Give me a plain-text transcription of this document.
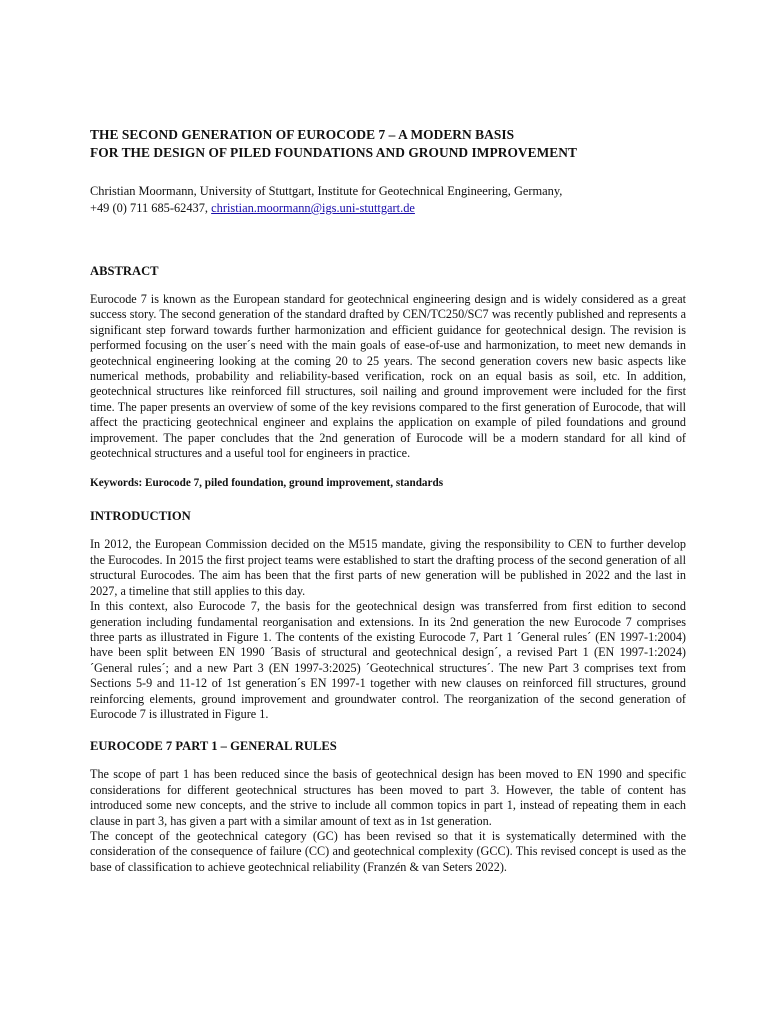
THE SECOND GENERATION OF EUROCODE 7 – A MODERN BASIS
FOR THE DESIGN OF PILED FOUNDATIONS AND GROUND IMPROVEMENT
Christian Moormann, University of Stuttgart, Institute for Geotechnical Engineering, Germany,
+49 (0) 711 685-62437, christian.moormann@igs.uni-stuttgart.de
ABSTRACT

Eurocode 7 is known as the European standard for geotechnical engineering design and is widely considered as a great success story. The second generation of the standard drafted by CEN/TC250/SC7 was recently published and represents a significant step forward towards further harmonization and efficient guidance for geotechnical design. The revision is performed focusing on the user´s need with the main goals of ease-of-use and harmonization, to meet new demands in geotechnical engineering looking at the coming 20 to 25 years. The second generation covers new basic aspects like numerical methods, probability and reliability-based verification, rock on an equal basis as soil, etc. In addition, geotechnical structures like reinforced fill structures, soil nailing and ground improvement were included for the first time. The paper presents an overview of some of the key revisions compared to the first generation of Eurocode, that will affect the practicing geotechnical engineer and explains the application on example of piled foundations and ground improvement. The paper concludes that the 2nd generation of Eurocode will be a modern standard for all kind of geotechnical structures and a useful tool for engineers in practice.

Keywords: Eurocode 7, piled foundation, ground improvement, standards

INTRODUCTION

In 2012, the European Commission decided on the M515 mandate, giving the responsibility to CEN to further develop the Eurocodes. In 2015 the first project teams were established to start the drafting process of the second generation of all structural Eurocodes. The aim has been that the first parts of new generation will be published in 2022 and the last in 2027, a timeline that still applies to this day.

In this context, also Eurocode 7, the basis for the geotechnical design was transferred from first edition to second generation including fundamental reorganisation and extensions. In its 2nd generation the new Eurocode 7 comprises three parts as illustrated in Figure 1. The contents of the existing Eurocode 7, Part 1 ´General rules´ (EN 1997-1:2004) have been split between EN 1990 ´Basis of structural and geotechnical design´, a revised Part 1 (EN 1997-1:2024) ´General rules´; and a new Part 3 (EN 1997-3:2025) ´Geotechnical structures´. The new Part 3 comprises text from Sections 5-9 and 11-12 of 1st generation´s EN 1997-1 together with new clauses on reinforced fill structures, ground reinforcing elements, ground improvement and groundwater control. The reorganization of the second generation of Eurocode 7 is illustrated in Figure 1.

EUROCODE 7 PART 1 – GENERAL RULES

The scope of part 1 has been reduced since the basis of geotechnical design has been moved to EN 1990 and specific considerations for different geotechnical structures has been moved to part 3. However, the table of content has introduced some new concepts, and the strive to include all common topics in part 1, instead of repeating them in each clause in part 3, has given a part with a similar amount of text as in 1st generation.

The concept of the geotechnical category (GC) has been revised so that it is systematically determined with the consideration of the consequence of failure (CC) and geotechnical complexity (GCC). This revised concept is used as the base of classification to achieve geotechnical reliability (Franzén & van Seters 2022).
